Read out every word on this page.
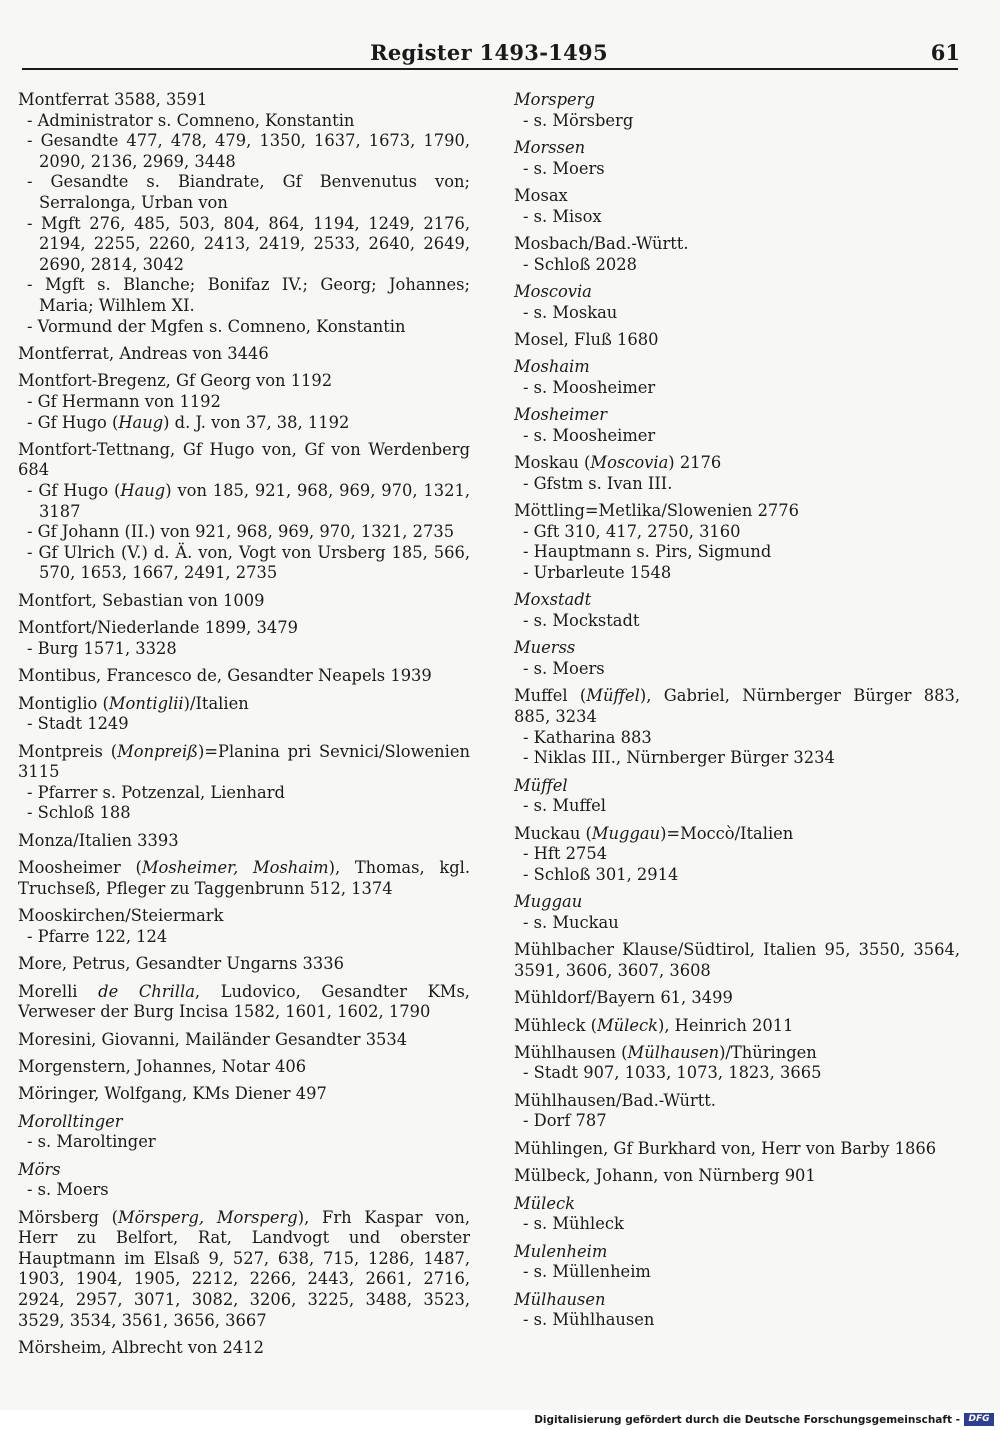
Register 1493-1495	61
Montferrat 3588, 3591
- Administrator s. Comneno, Konstantin
- Gesandte 477, 478, 479, 1350, 1637, 1673, 1790, 2090, 2136, 2969, 3448
- Gesandte s. Biandrate, Gf Benvenutus von; Serralonga, Urban von
- Mgft 276, 485, 503, 804, 864, 1194, 1249, 2176, 2194, 2255, 2260, 2413, 2419, 2533, 2640, 2649, 2690, 2814, 3042
- Mgft s. Blanche; Bonifaz IV.; Georg; Johannes; Maria; Wilhlem XI.
- Vormund der Mgfen s. Comneno, Konstantin
Montferrat, Andreas von 3446
Montfort-Bregenz, Gf Georg von 1192
- Gf Hermann von 1192
- Gf Hugo (Haug) d. J. von 37, 38, 1192
Montfort-Tettnang, Gf Hugo von, Gf von Werdenberg 684
- Gf Hugo (Haug) von 185, 921, 968, 969, 970, 1321, 3187
- Gf Johann (II.) von 921, 968, 969, 970, 1321, 2735
- Gf Ulrich (V.) d. Ä. von, Vogt von Ursberg 185, 566, 570, 1653, 1667, 2491, 2735
Montfort, Sebastian von 1009
Montfort/Niederlande 1899, 3479
- Burg 1571, 3328
Montibus, Francesco de, Gesandter Neapels 1939
Montiglio (Montiglii)/Italien
- Stadt 1249
Montpreis (Monpreiß)=Planina pri Sevnici/Slowenien 3115
- Pfarrer s. Potzenzal, Lienhard
- Schloß 188
Monza/Italien 3393
Moosheimer (Mosheimer, Moshaim), Thomas, kgl. Truchseß, Pfleger zu Taggenbrunn 512, 1374
Mooskirchen/Steiermark
- Pfarre 122, 124
More, Petrus, Gesandter Ungarns 3336
Morelli de Chrilla, Ludovico, Gesandter KMs, Verweser der Burg Incisa 1582, 1601, 1602, 1790
Moresini, Giovanni, Mailänder Gesandter 3534
Morgenstern, Johannes, Notar 406
Möringer, Wolfgang, KMs Diener 497
Morolltinger
- s. Maroltinger
Mörs
- s. Moers
Mörsberg (Mörsperg, Morsperg), Frh Kaspar von, Herr zu Belfort, Rat, Landvogt und oberster Hauptmann im Elsaß 9, 527, 638, 715, 1286, 1487, 1903, 1904, 1905, 2212, 2266, 2443, 2661, 2716, 2924, 2957, 3071, 3082, 3206, 3225, 3488, 3523, 3529, 3534, 3561, 3656, 3667
Mörsheim, Albrecht von 2412
Morsperg
- s. Mörsberg
Morssen
- s. Moers
Mosax
- s. Misox
Mosbach/Bad.-Württ.
- Schloß 2028
Moscovia
- s. Moskau
Mosel, Fluß 1680
Moshaim
- s. Moosheimer
Mosheimer
- s. Moosheimer
Moskau (Moscovia) 2176
- Gfstm s. Ivan III.
Möttling=Metlika/Slowenien 2776
- Gft 310, 417, 2750, 3160
- Hauptmann s. Pirs, Sigmund
- Urbarleute 1548
Moxstadt
- s. Mockstadt
Muerss
- s. Moers
Muffel (Müffel), Gabriel, Nürnberger Bürger 883, 885, 3234
- Katharina 883
- Niklas III., Nürnberger Bürger 3234
Müffel
- s. Muffel
Muckau (Muggau)=Moccò/Italien
- Hft 2754
- Schloß 301, 2914
Muggau
- s. Muckau
Mühlbacher Klause/Südtirol, Italien 95, 3550, 3564, 3591, 3606, 3607, 3608
Mühldorf/Bayern 61, 3499
Mühleck (Müleck), Heinrich 2011
Mühlhausen (Mülhausen)/Thüringen
- Stadt 907, 1033, 1073, 1823, 3665
Mühlhausen/Bad.-Württ.
- Dorf 787
Mühlingen, Gf Burkhard von, Herr von Barby 1866
Mülbeck, Johann, von Nürnberg 901
Müleck
- s. Mühleck
Mulenheim
- s. Müllenheim
Mülhausen
- s. Mühlhausen
Digitalisierung gefördert durch die Deutsche Forschungsgemeinschaft - DFG
